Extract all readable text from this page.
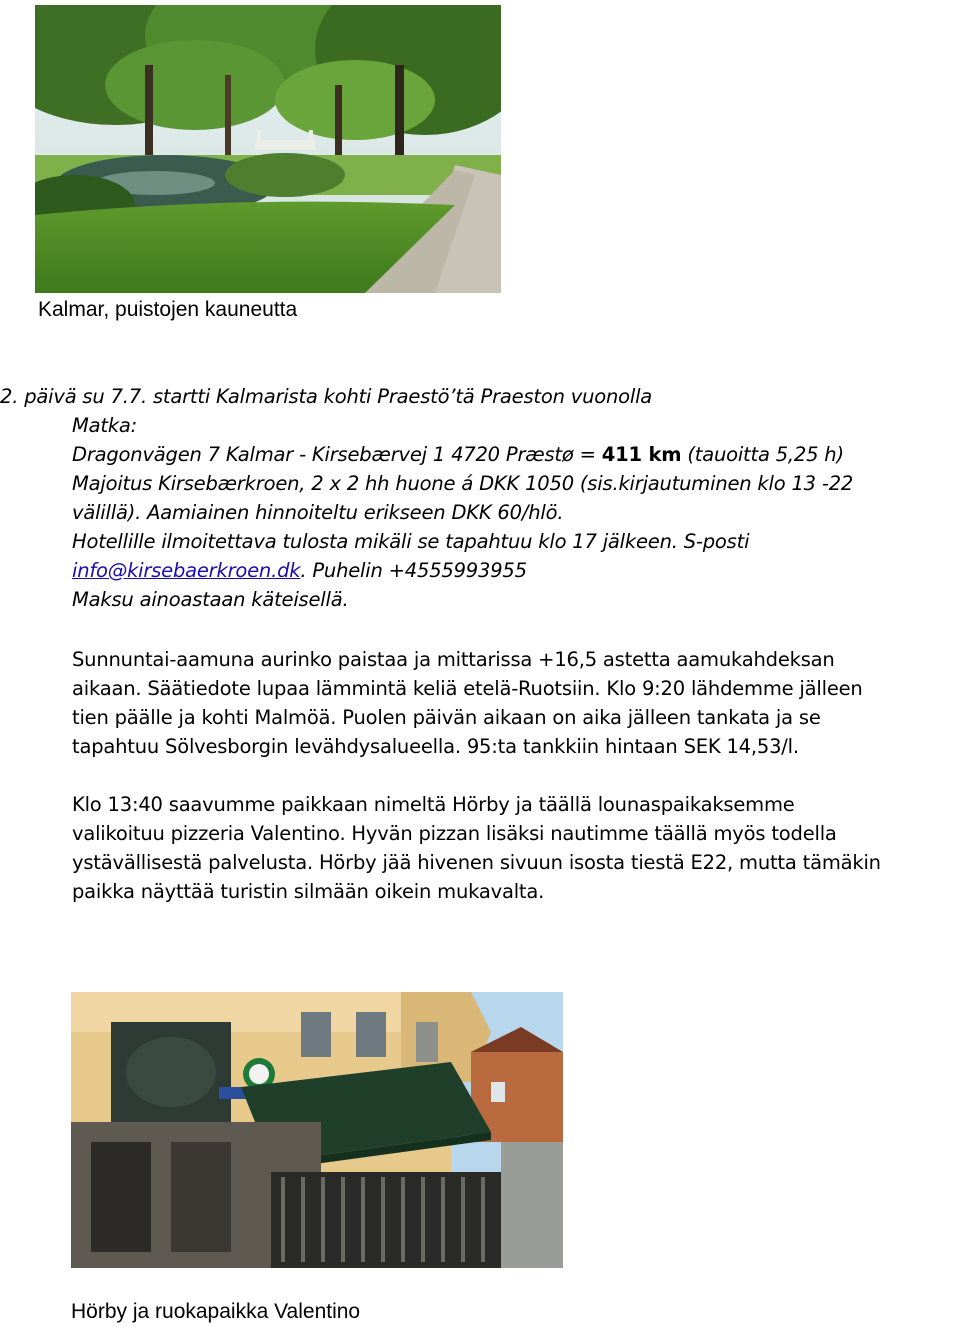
Kalmar, puistojen kauneutta
2. päivä su 7.7. startti Kalmarista kohti Praestö’tä Praeston vuonolla
Matka:
Dragonvägen 7 Kalmar - Kirsebærvej 1 4720 Præstø = 411 km (tauoitta 5,25 h)
Majoitus Kirsebærkroen, 2 x 2 hh huone á DKK 1050 (sis.kirjautuminen klo 13 -22
välillä). Aamiainen hinnoiteltu erikseen DKK 60/hlö.
Hotellille ilmoitettava tulosta mikäli se tapahtuu klo 17 jälkeen. S-posti
info@kirsebaerkroen.dk. Puhelin +4555993955
Maksu ainoastaan käteisellä.
Sunnuntai-aamuna aurinko paistaa ja mittarissa +16,5 astetta aamukahdeksan
aikaan. Säätiedote lupaa lämmintä keliä etelä-Ruotsiin. Klo 9:20 lähdemme jälleen
tien päälle ja kohti Malmöä. Puolen päivän aikaan on aika jälleen tankata ja se
tapahtuu Sölvesborgin levähdysalueella. 95:ta tankkiin hintaan SEK 14,53/l.
Klo 13:40 saavumme paikkaan nimeltä Hörby ja täällä lounaspaikaksemme
valikoituu pizzeria Valentino. Hyvän pizzan lisäksi nautimme täällä myös todella
ystävällisestä palvelusta. Hörby jää hivenen sivuun isosta tiestä E22, mutta tämäkin
paikka näyttää turistin silmään oikein mukavalta.
Hörby ja ruokapaikka Valentino
